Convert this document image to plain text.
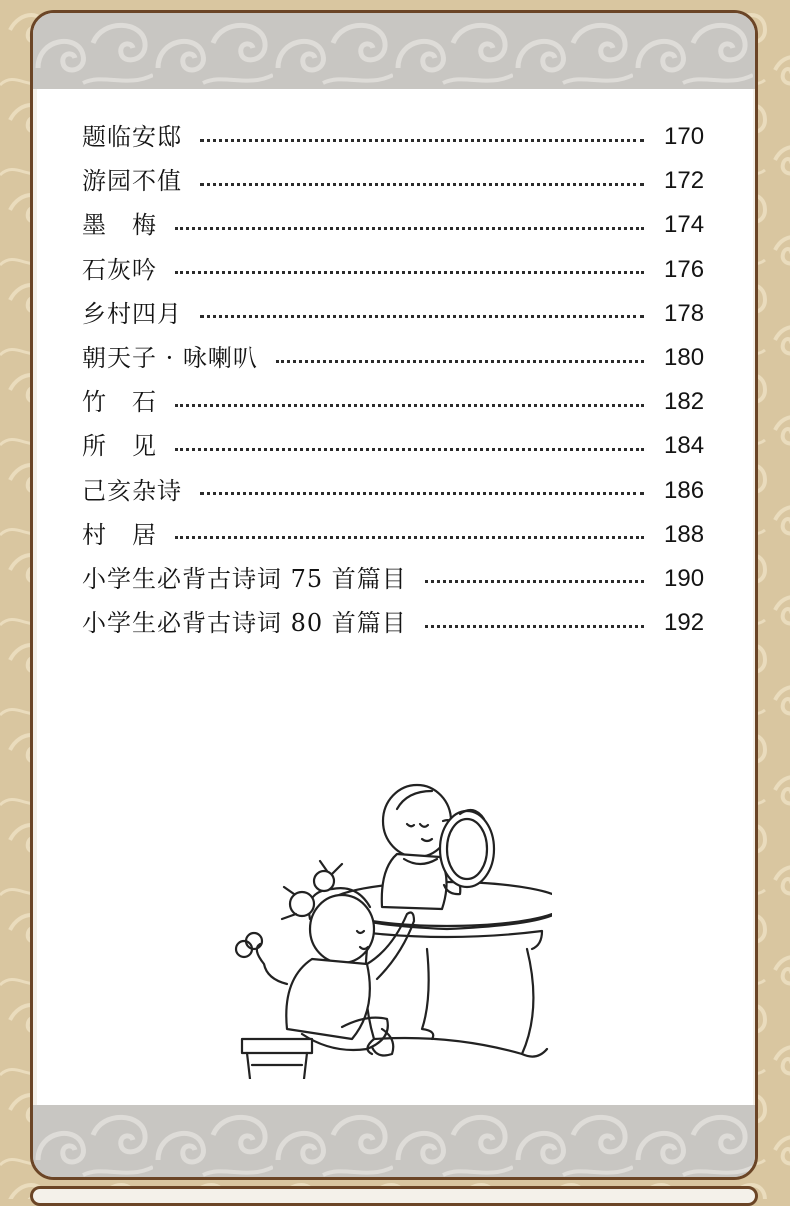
题临安邸	170
游园不值	172
墨　梅	174
石灰吟	176
乡村四月	178
朝天子 · 咏喇叭	180
竹　石	182
所　见	184
己亥杂诗	186
村　居	188
小学生必背古诗词 75 首篇目	190
小学生必背古诗词 80 首篇目	192
